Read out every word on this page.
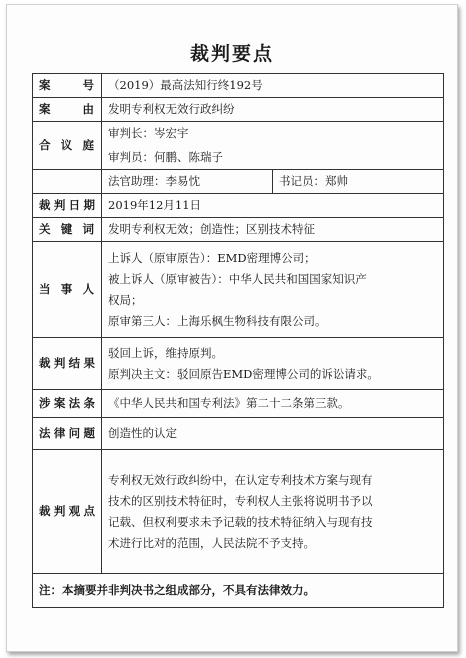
裁判要点
案号	（2019）最高法知行终192号	
案由	发明专利权无效行政纠纷	
合议庭	审判长：岑宏宇	
	审判员：何鹏、陈瑞子	
	法官助理：李易忱	书记员：郑帅
裁判日期	2019年12月11日	
关键词	发明专利权无效；创造性；区别技术特征	
当事人	上诉人（原审原告）：EMD密理博公司；
被上诉人（原审被告）：中华人民共和国国家知识产
权局；
原审第三人：上海乐枫生物科技有限公司。	

裁判结果	驳回上诉，维持原判。
原判决主文：驳回原告EMD密理博公司的诉讼请求。	

涉案法条	《中华人民共和国专利法》第二十二条第三款。	
法律问题	创造性的认定	
裁判观点	专利权无效行政纠纷中，在认定专利技术方案与现有
技术的区别技术特征时，专利权人主张将说明书予以
记载、但权利要求未予记载的技术特征纳入与现有技
术进行比对的范围，人民法院不予支持。	

注：本摘要并非判决书之组成部分，不具有法律效力。		
